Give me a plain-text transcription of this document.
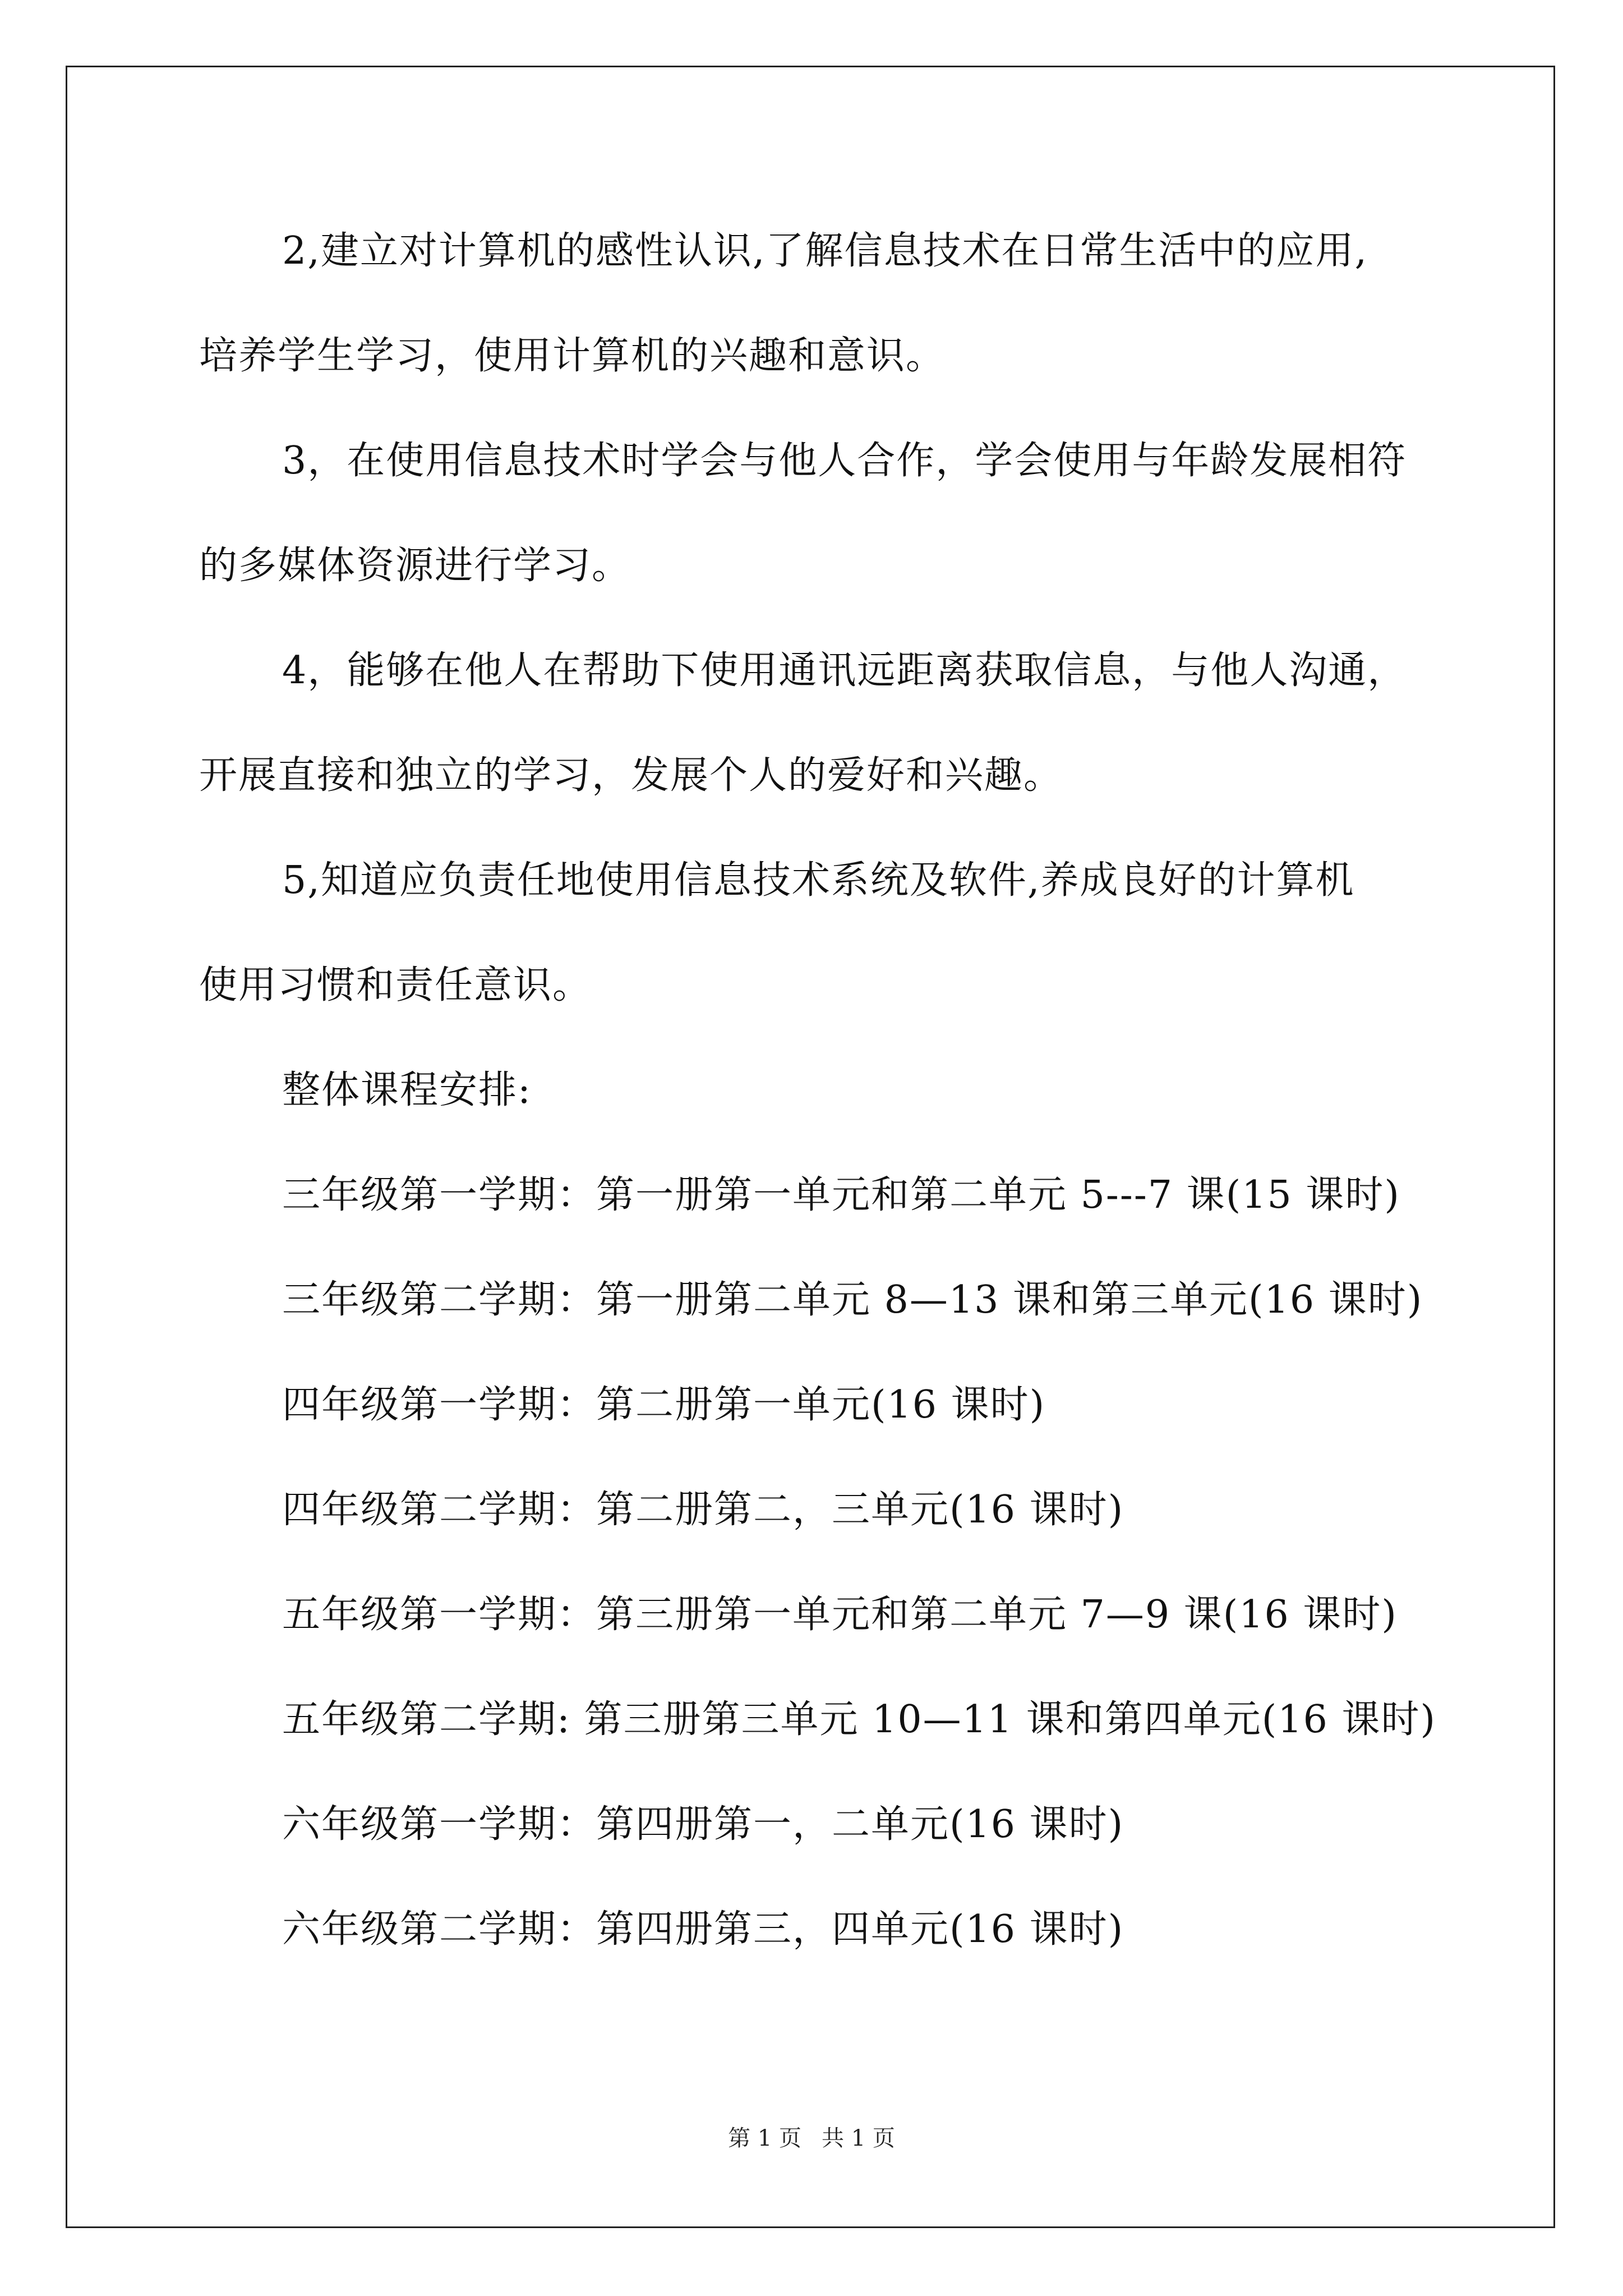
2,建立对计算机的感性认识,了解信息技术在日常生活中的应用,
培养学生学习，使用计算机的兴趣和意识。
3，在使用信息技术时学会与他人合作，学会使用与年龄发展相符
的多媒体资源进行学习。
4，能够在他人在帮助下使用通讯远距离获取信息，与他人沟通，
开展直接和独立的学习，发展个人的爱好和兴趣。
5,知道应负责任地使用信息技术系统及软件,养成良好的计算机
使用习惯和责任意识。
整体课程安排:
三年级第一学期：第一册第一单元和第二单元 5---7 课(15 课时)
三年级第二学期：第一册第二单元 8—13 课和第三单元(16 课时)
四年级第一学期：第二册第一单元(16 课时)
四年级第二学期：第二册第二，三单元(16 课时)
五年级第一学期：第三册第一单元和第二单元 7—9 课(16 课时)
五年级第二学期: 第三册第三单元 10—11 课和第四单元(16 课时)
六年级第一学期：第四册第一，二单元(16 课时)
六年级第二学期：第四册第三，四单元(16 课时)
第 1 页 共 1 页
